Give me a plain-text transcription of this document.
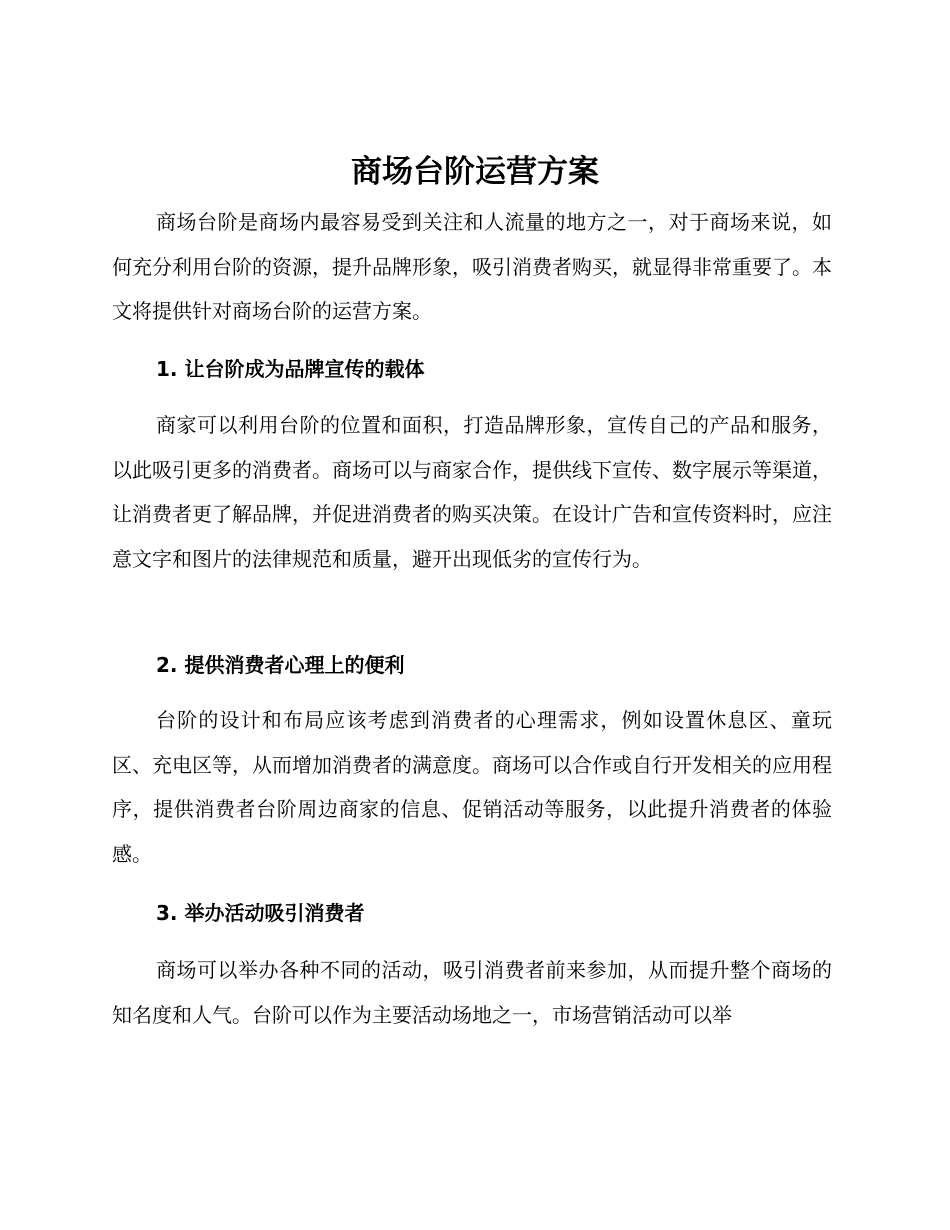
商场台阶运营方案

商场台阶是商场内最容易受到关注和人流量的地方之一，对于商场来说，如何充分利用台阶的资源，提升品牌形象，吸引消费者购买，就显得非常重要了。本文将提供针对商场台阶的运营方案。

1. 让台阶成为品牌宣传的载体

商家可以利用台阶的位置和面积，打造品牌形象，宣传自己的产品和服务，以此吸引更多的消费者。商场可以与商家合作，提供线下宣传、数字展示等渠道，让消费者更了解品牌，并促进消费者的购买决策。在设计广告和宣传资料时，应注意文字和图片的法律规范和质量，避开出现低劣的宣传行为。

2. 提供消费者心理上的便利

台阶的设计和布局应该考虑到消费者的心理需求，例如设置休息区、童玩区、充电区等，从而增加消费者的满意度。商场可以合作或自行开发相关的应用程序，提供消费者台阶周边商家的信息、促销活动等服务，以此提升消费者的体验感。

3. 举办活动吸引消费者

商场可以举办各种不同的活动，吸引消费者前来参加，从而提升整个商场的知名度和人气。台阶可以作为主要活动场地之一，市场营销活动可以举
